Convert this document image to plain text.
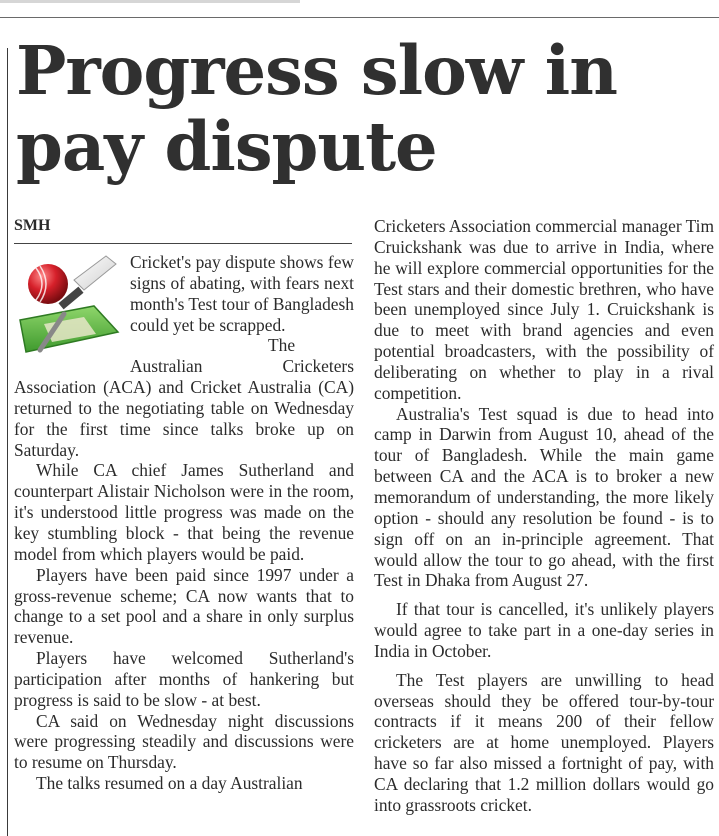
Progress slow in pay dispute
SMH

Cricket's pay dispute shows few signs of abating, with fears next month's Test tour of Bangladesh could yet be scrapped.

The Australian Cricketers Association (ACA) and Cricket Australia (CA) returned to the negotiating table on Wednesday for the first time since talks broke up on Saturday.

While CA chief James Sutherland and counterpart Alistair Nicholson were in the room, it's understood little progress was made on the key stumbling block - that being the revenue model from which players would be paid.

Players have been paid since 1997 under a gross-revenue scheme; CA now wants that to change to a set pool and a share in only surplus revenue.

Players have welcomed Sutherland's participation after months of hankering but progress is said to be slow - at best.

CA said on Wednesday night discussions were progressing steadily and discussions were to resume on Thursday.

The talks resumed on a day Australian

Cricketers Association commercial manager Tim Cruickshank was due to arrive in India, where he will explore commercial opportunities for the Test stars and their domestic brethren, who have been unemployed since July 1. Cruickshank is due to meet with brand agencies and even potential broadcasters, with the possibility of deliberating on whether to play in a rival competition.

Australia's Test squad is due to head into camp in Darwin from August 10, ahead of the tour of Bangladesh. While the main game between CA and the ACA is to broker a new memorandum of understanding, the more likely option - should any resolution be found - is to sign off on an in-principle agreement. That would allow the tour to go ahead, with the first Test in Dhaka from August 27.

If that tour is cancelled, it's unlikely players would agree to take part in a one-day series in India in October.

The Test players are unwilling to head overseas should they be offered tour-by-tour contracts if it means 200 of their fellow cricketers are at home unemployed. Players have so far also missed a fortnight of pay, with CA declaring that 1.2 million dollars would go into grassroots cricket.
